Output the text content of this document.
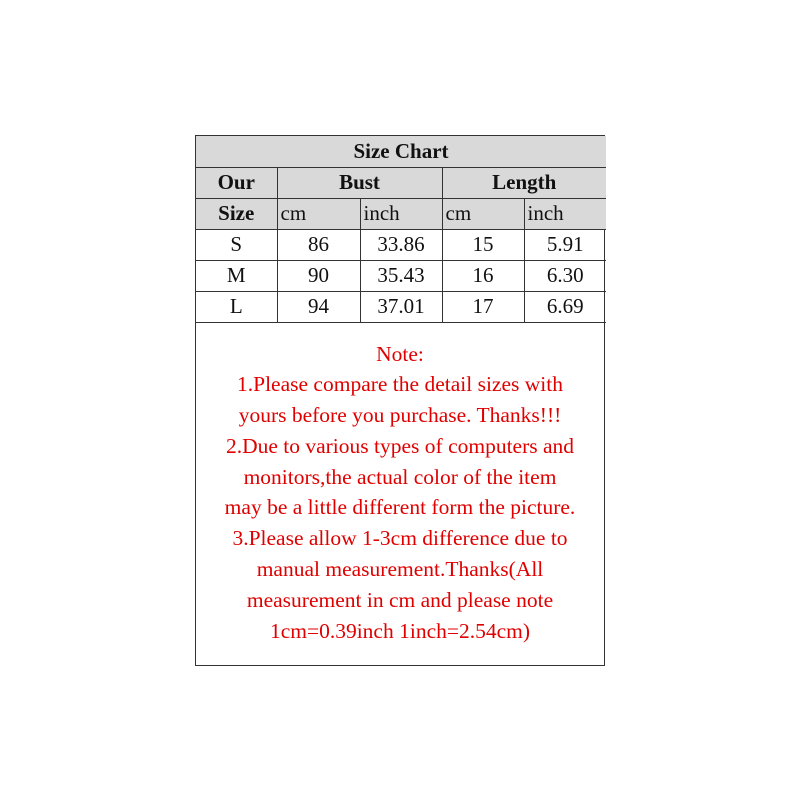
Size Chart				
Our	Bust		Length	
Size	cm	inch	cm	inch
S	86	33.86	15	5.91
M	90	35.43	16	6.30
L	94	37.01	17	6.69
Note:
1.Please compare the detail sizes with
yours before you purchase. Thanks!!!
2.Due to various types of computers and
monitors,the actual color of the item
may be a little different form the picture.
3.Please allow 1-3cm difference due to
manual measurement.Thanks(All
measurement in cm and please note
1cm=0.39inch 1inch=2.54cm)
